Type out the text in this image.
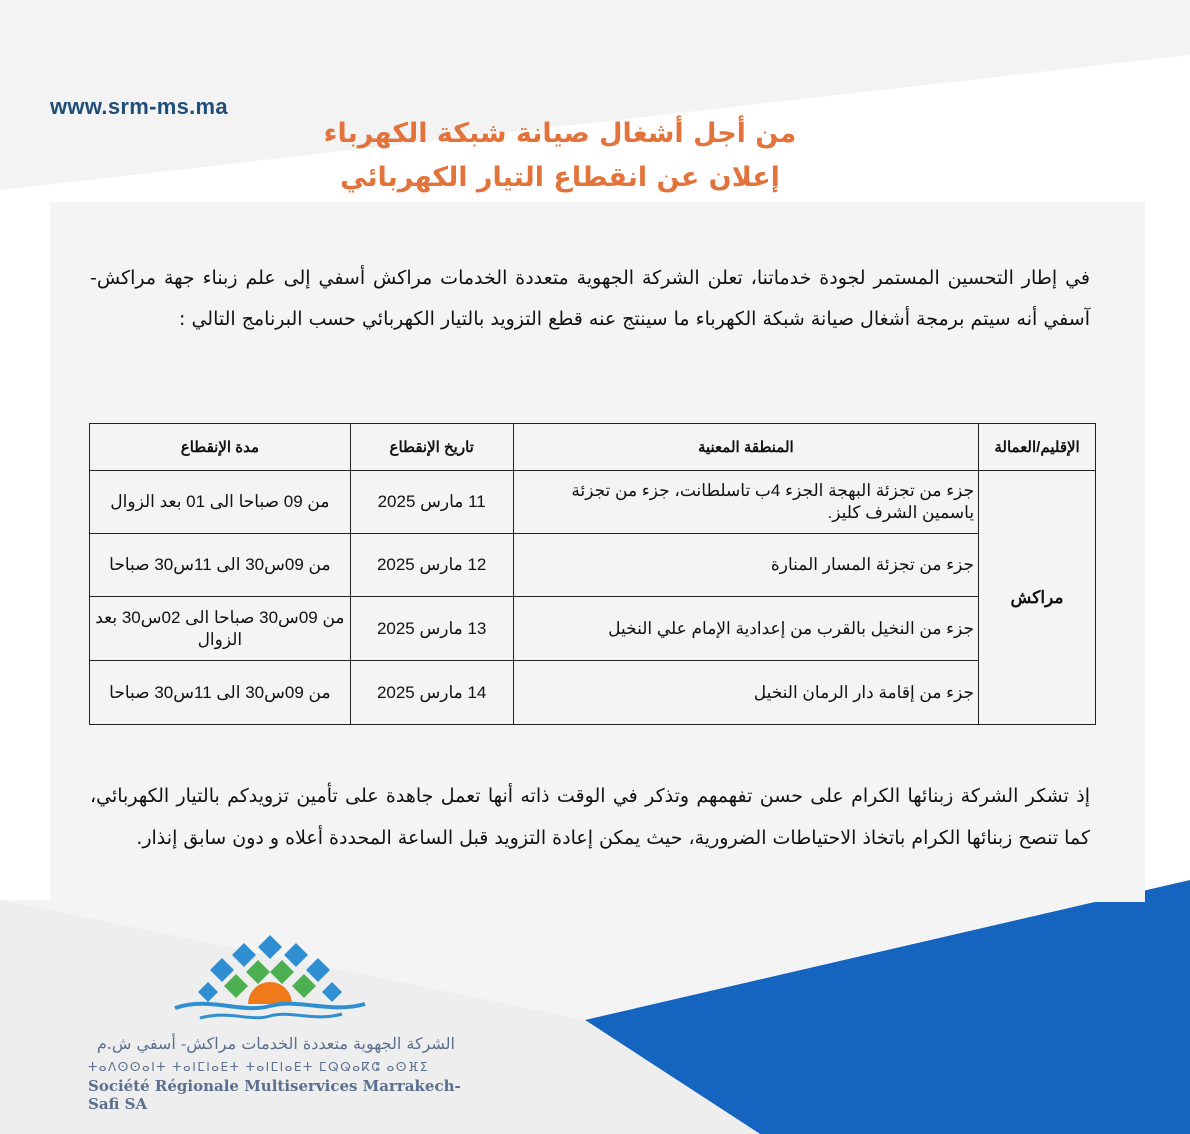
www.srm-ms.ma
من أجل أشغال صيانة شبكة الكهرباء
إعلان عن انقطاع التيار الكهربائي
في إطار التحسين المستمر لجودة خدماتنا، تعلن الشركة الجهوية متعددة الخدمات مراكش أسفي إلى علم زبناء جهة مراكش- آسفي أنه سيتم برمجة أشغال صيانة شبكة الكهرباء ما سينتج عنه قطع التزويد بالتيار الكهربائي حسب البرنامج التالي :
الإقليم/العمالة	المنطقة المعنية	تاريخ الإنقطاع	مدة الإنقطاع
مراكش	جزء من تجزئة البهجة الجزء 4ب تاسلطانت، جزء من تجزئة ياسمين الشرف كليز.	11 مارس 2025	من 09 صباحا الى 01 بعد الزوال
	جزء من تجزئة المسار المنارة	12 مارس 2025	من 09س30 الى 11س30 صباحا
	جزء من النخيل بالقرب من إعدادية الإمام علي النخيل	13 مارس 2025	من 09س30 صباحا الى 02س30 بعد الزوال
	جزء من إقامة دار الرمان النخيل	14 مارس 2025	من 09س30 الى 11س30 صباحا
إذ تشكر الشركة زبنائها الكرام على حسن تفهمهم وتذكر في الوقت ذاته أنها تعمل جاهدة على تأمين تزويدكم بالتيار الكهربائي، كما تنصح زبنائها الكرام باتخاذ الاحتياطات الضرورية، حيث يمكن إعادة التزويد قبل الساعة المحددة أعلاه و دون سابق إنذار.
الشركة الجهوية متعددة الخدمات مراكش- أسفي ش.م
ⵜⴰⴷⵙⵙⴰⵏⵜ ⵜⴰⵏⵎⵏⴰⴹⵜ ⵜⴰⵏⵎⵏⴰⴹⵜ ⵎⵕⵕⴰⴽⵛ ⴰⵙⴼⵉ
Société Régionale Multiservices Marrakech-Safi SA
